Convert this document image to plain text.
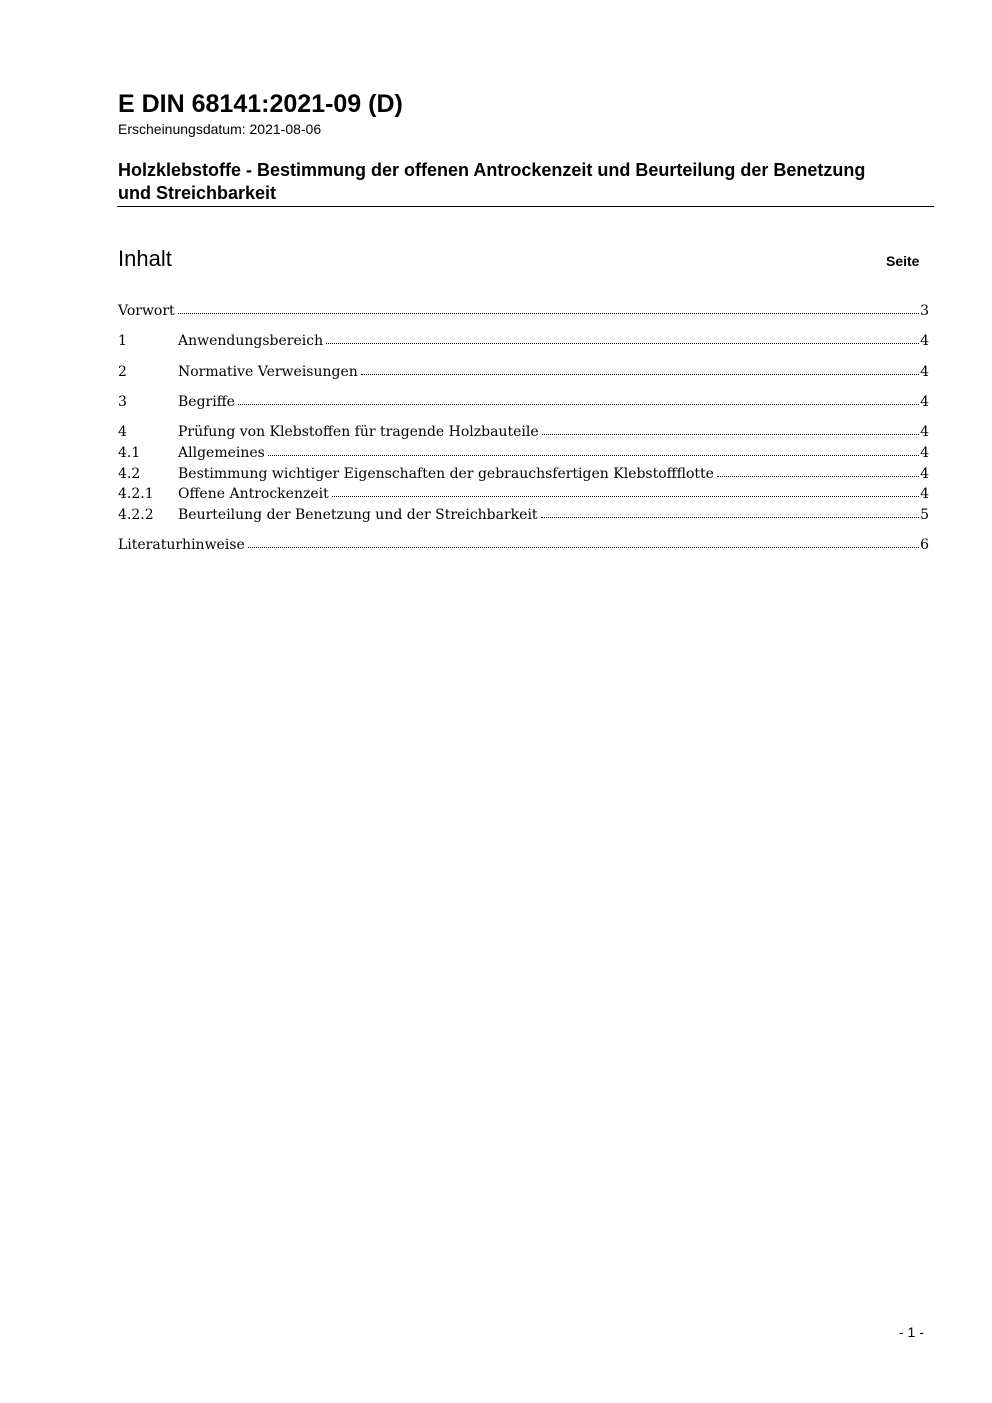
E DIN 68141:2021-09 (D)
Erscheinungsdatum: 2021-08-06
Holzklebstoffe - Bestimmung der offenen Antrockenzeit und Beurteilung der Benetzung und Streichbarkeit
Inhalt	Seite
Vorwort	3
1	Anwendungsbereich	4
2	Normative Verweisungen	4
3	Begriffe	4
4	Prüfung von Klebstoffen für tragende Holzbauteile	4
4.1	Allgemeines	4
4.2	Bestimmung wichtiger Eigenschaften der gebrauchsfertigen Klebstoffflotte	4
4.2.1	Offene Antrockenzeit	4
4.2.2	Beurteilung der Benetzung und der Streichbarkeit	5
Literaturhinweise	6
- 1 -
